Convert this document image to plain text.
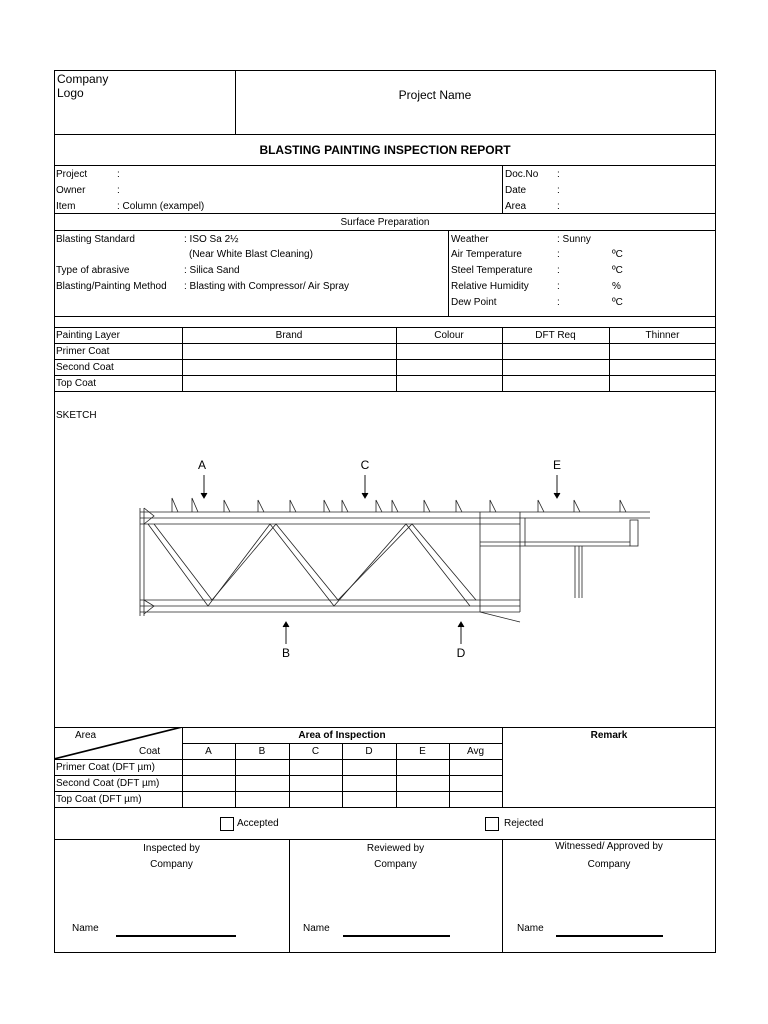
Company
Logo	Project Name
BLASTING PAINTING INSPECTION REPORT
Project	:
Owner	:
Item	: Column (exampel)
Doc.No :
Date	:
Area	:
Surface Preparation
Blasting Standard	: ISO Sa 2½
(Near White Blast Cleaning)
Type of abrasive	: Silica Sand
Blasting/Painting Method : Blasting with Compressor/ Air Spray
Weather	: Sunny
Air Temperature	:	ºC
Steel Temperature :	ºC
Relative Humidity	:	%
Dew Point	:	ºC
Painting Layer	Brand	Colour	DFT Req	Thinner
Primer Coat
Second Coat
Top Coat
SKETCH
A
B
C
D
E
Area
Coat
Area of Inspection	Remark
A	B	C	D	E	Avg
Primer Coat (DFT µm)
Second Coat (DFT µm)
Top Coat (DFT µm)
Accepted	Rejected
Inspected by
Company
Name
Reviewed by
Company
Name
Witnessed/ Approved by
Company
Name
